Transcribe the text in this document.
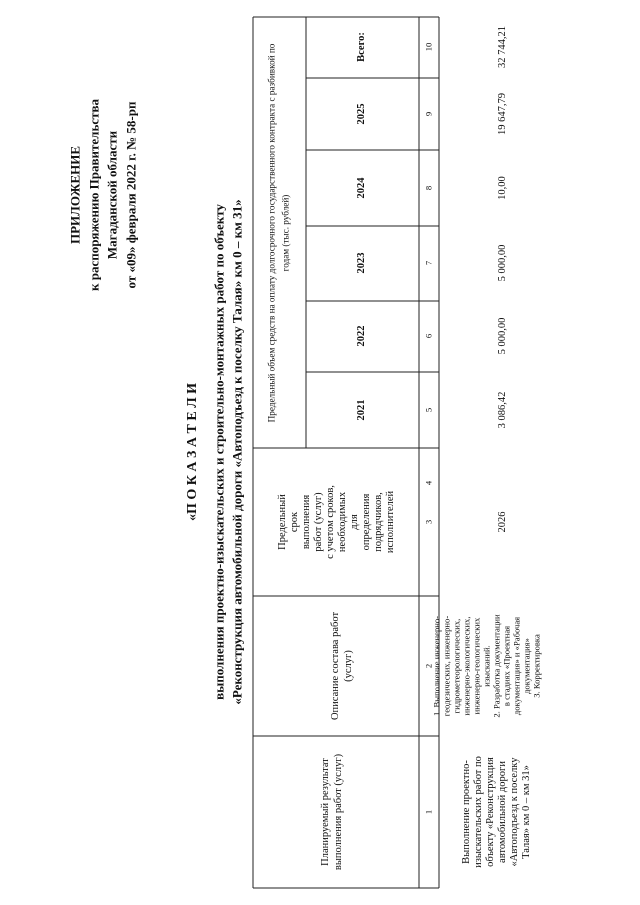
ПРИЛОЖЕНИЕ к распоряжению Правительства Магаданской области от «09» февраля 2022 г. № 58-рп
«П О К А З А Т Е Л И выполнения проектно-изыскательских и строительно-монтажных работ по объекту «Реконструкция автомобильной дороги «Автоподъезд к поселку Талая» км 0 – км 31»
Планируемый результат выполнения работ (услуг)
Описание состава работ (услуг)
Предельный срок выполнения работ (услуг) с учетом сроков, необходимых для определения подрядчиков, исполнителей
Предельный объем средств на оплату долгосрочного государственного контракта с разбивкой по годам (тыс. рублей)
2021
2022
2023
2024
2025
Всего:
1
2
3
4
5
6
7
8
9
10
Выполнение проектно- изыскательских работ по объекту «Реконструкция автомобильной дороги «Автоподъезд к поселку Талая» км 0 – км 31»
1. Выполнение инженерно- геодезических, инженерно- гидрометеорологических, инженерно-экологических, инженерно-геологических изысканий. 2. Разработка документации в стадиях «Проектная документация» и «Рабочая документация» 3. Корректировка
2026
3 086,42
5 000,00
5 000,00
10,00
19 647,79
32 744,21
